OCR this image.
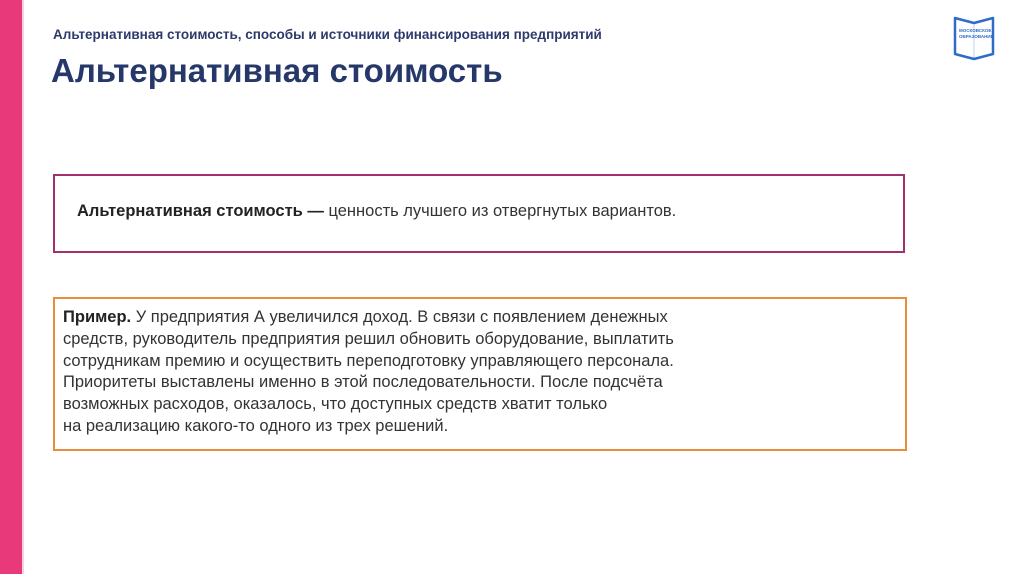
Альтернативная стоимость, способы и источники финансирования предприятий
Альтернативная стоимость
МОСКОВСКОЕ
ОБРАЗОВАНИЕ
Альтернативная стоимость — ценность лучшего из отвергнутых вариантов.
Пример. У предприятия А увеличился доход. В связи с появлением денежных
средств, руководитель предприятия решил обновить оборудование, выплатить
сотрудникам премию и осуществить переподготовку управляющего персонала.
Приоритеты выставлены именно в этой последовательности. После подсчёта
возможных расходов, оказалось, что доступных средств хватит только
на реализацию какого-то одного из трех решений.
